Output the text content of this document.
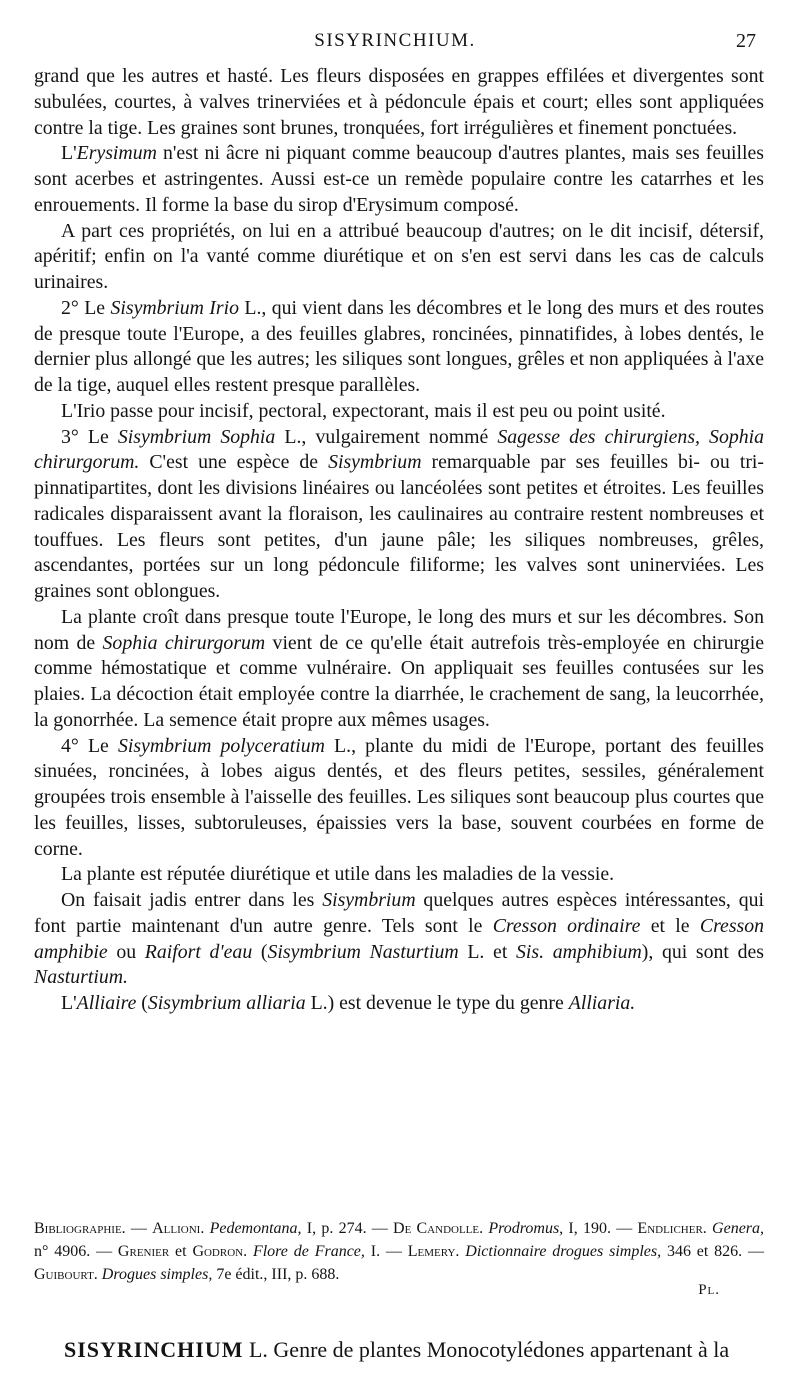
SISYRINCHIUM.	27

grand que les autres et hasté. Les fleurs disposées en grappes effilées et divergentes sont subulées, courtes, à valves trinerviées et à pédoncule épais et court; elles sont appliquées contre la tige. Les graines sont brunes, tronquées, fort irrégulières et finement ponctuées.

L'Erysimum n'est ni âcre ni piquant comme beaucoup d'autres plantes, mais ses feuilles sont acerbes et astringentes. Aussi est-ce un remède populaire contre les catarrhes et les enrouements. Il forme la base du sirop d'Erysimum composé.

A part ces propriétés, on lui en a attribué beaucoup d'autres; on le dit incisif, détersif, apéritif; enfin on l'a vanté comme diurétique et on s'en est servi dans les cas de calculs urinaires.

2° Le Sisymbrium Irio L., qui vient dans les décombres et le long des murs et des routes de presque toute l'Europe, a des feuilles glabres, roncinées, pinnatifides, à lobes dentés, le dernier plus allongé que les autres; les siliques sont longues, grêles et non appliquées à l'axe de la tige, auquel elles restent presque parallèles.

L'Irio passe pour incisif, pectoral, expectorant, mais il est peu ou point usité.

3° Le Sisymbrium Sophia L., vulgairement nommé Sagesse des chirurgiens, Sophia chirurgorum. C'est une espèce de Sisymbrium remarquable par ses feuilles bi- ou tri-pinnatipartites, dont les divisions linéaires ou lancéolées sont petites et étroites. Les feuilles radicales disparaissent avant la floraison, les caulinaires au contraire restent nombreuses et touffues. Les fleurs sont petites, d'un jaune pâle; les siliques nombreuses, grêles, ascendantes, portées sur un long pédoncule filiforme; les valves sont uninerviées. Les graines sont oblongues.

La plante croît dans presque toute l'Europe, le long des murs et sur les décombres. Son nom de Sophia chirurgorum vient de ce qu'elle était autrefois très-employée en chirurgie comme hémostatique et comme vulnéraire. On appliquait ses feuilles contusées sur les plaies. La décoction était employée contre la diarrhée, le crachement de sang, la leucorrhée, la gonorrhée. La semence était propre aux mêmes usages.

4° Le Sisymbrium polyceratium L., plante du midi de l'Europe, portant des feuilles sinuées, roncinées, à lobes aigus dentés, et des fleurs petites, sessiles, généralement groupées trois ensemble à l'aisselle des feuilles. Les siliques sont beaucoup plus courtes que les feuilles, lisses, subtoruleuses, épaissies vers la base, souvent courbées en forme de corne.

La plante est réputée diurétique et utile dans les maladies de la vessie.

On faisait jadis entrer dans les Sisymbrium quelques autres espèces intéressantes, qui font partie maintenant d'un autre genre. Tels sont le Cresson ordinaire et le Cresson amphibie ou Raifort d'eau (Sisymbrium Nasturtium L. et Sis. amphibium), qui sont des Nasturtium.

L'Alliaire (Sisymbrium alliaria L.) est devenue le type du genre Alliaria.

Bibliographie. — Allioni. Pedemontana, I, p. 274. — De Candolle. Prodromus, I, 190. — Endlicher. Genera, n° 4906. — Grenier et Godron. Flore de France, I. — Lemery. Dictionnaire drogues simples, 346 et 826. — Guibourt. Drogues simples, 7e édit., III, p. 688.

Pl.
SISYRINCHIUM L. Genre de plantes Monocotylédones appartenant à la
